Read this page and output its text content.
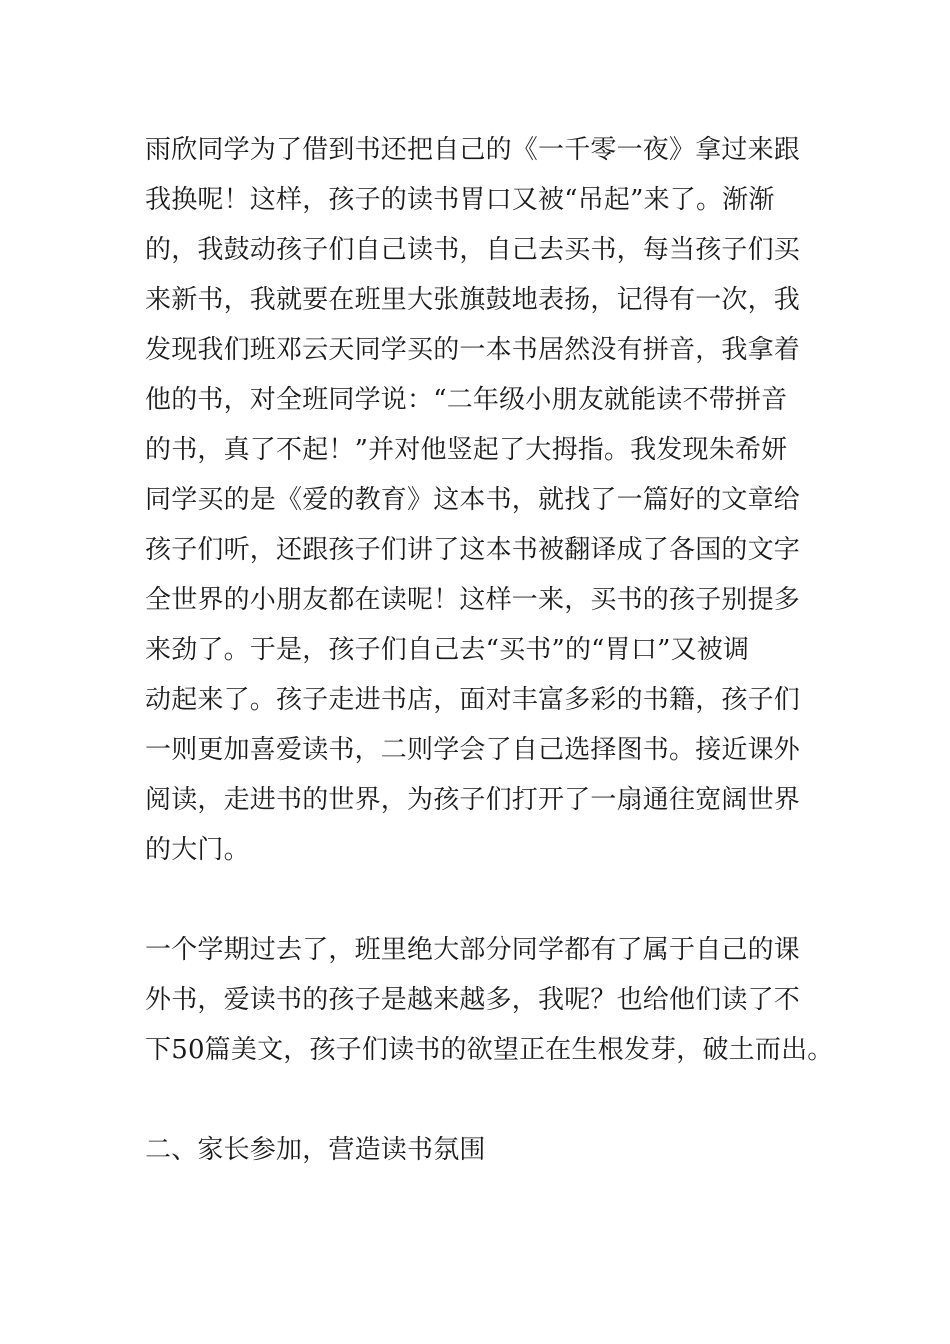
雨欣同学为了借到书还把自己的《一千零一夜》拿过来跟
我换呢！这样，孩子的读书胃口又被“吊起”来了。渐渐
的，我鼓动孩子们自己读书，自己去买书，每当孩子们买
来新书，我就要在班里大张旗鼓地表扬，记得有一次，我
发现我们班邓云天同学买的一本书居然没有拼音，我拿着
他的书，对全班同学说：“二年级小朋友就能读不带拼音
的书，真了不起！”并对他竖起了大拇指。我发现朱希妍
同学买的是《爱的教育》这本书，就找了一篇好的文章给
孩子们听，还跟孩子们讲了这本书被翻译成了各国的文字
全世界的小朋友都在读呢！这样一来，买书的孩子别提多
来劲了。于是，孩子们自己去“买书”的“胃口”又被调
动起来了。孩子走进书店，面对丰富多彩的书籍，孩子们
一则更加喜爱读书，二则学会了自己选择图书。接近课外
阅读，走进书的世界，为孩子们打开了一扇通往宽阔世界
的大门。
一个学期过去了，班里绝大部分同学都有了属于自己的课
外书，爱读书的孩子是越来越多，我呢？也给他们读了不
下50篇美文，孩子们读书的欲望正在生根发芽，破土而出。
二、家长参加，营造读书氛围
